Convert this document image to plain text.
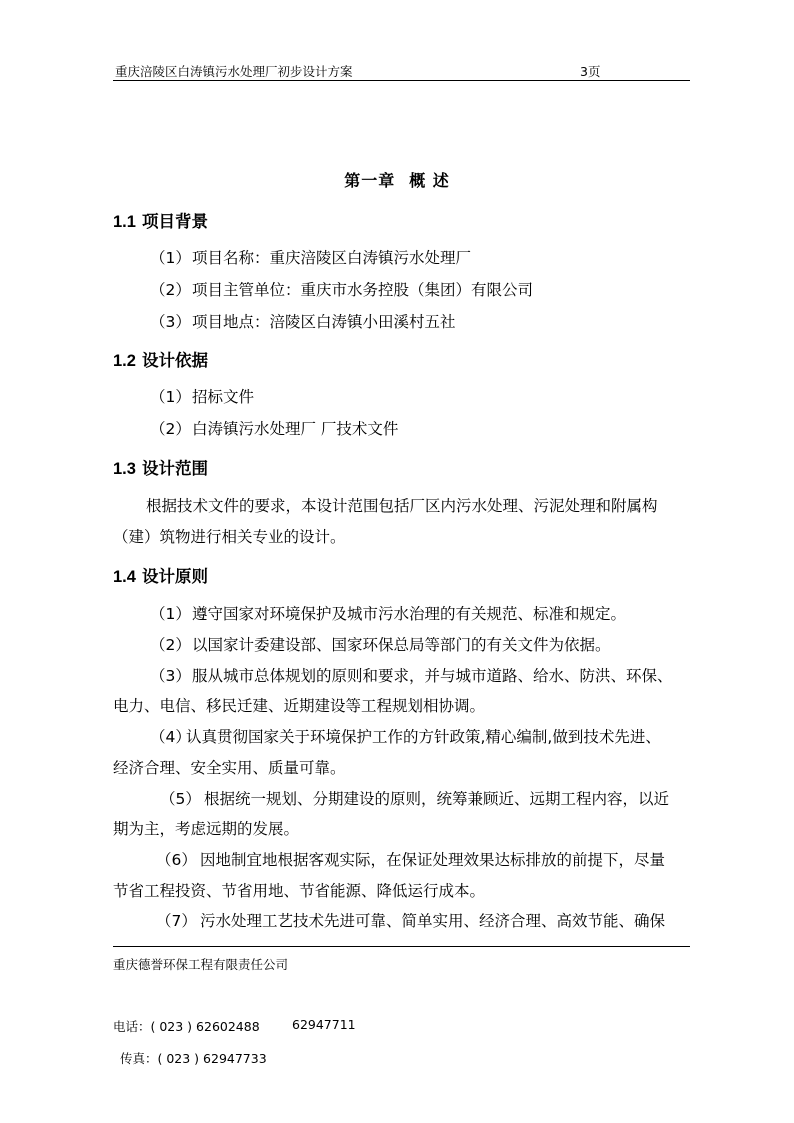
重庆涪陵区白涛镇污水处理厂初步设计方案	3页
第一章 概 述
1.1 项目背景
（1）项目名称：重庆涪陵区白涛镇污水处理厂
（2）项目主管单位：重庆市水务控股（集团）有限公司
（3）项目地点：涪陵区白涛镇小田溪村五社
1.2 设计依据
（1）招标文件
（2）白涛镇污水处理厂 厂技术文件
1.3 设计范围
根据技术文件的要求，本设计范围包括厂区内污水处理、污泥处理和附属构
（建）筑物进行相关专业的设计。
1.4 设计原则
（1）遵守国家对环境保护及城市污水治理的有关规范、标准和规定。
（2）以国家计委建设部、国家环保总局等部门的有关文件为依据。
（3）服从城市总体规划的原则和要求，并与城市道路、给水、防洪、环保、
电力、电信、移民迁建、近期建设等工程规划相协调。
（4）认真贯彻国家关于环境保护工作的方针政策,精心编制,做到技术先进、
经济合理、安全实用、质量可靠。
（5） 根据统一规划、分期建设的原则，统筹兼顾近、远期工程内容，以近
期为主，考虑远期的发展。
（6） 因地制宜地根据客观实际，在保证处理效果达标排放的前提下，尽量
节省工程投资、节省用地、节省能源、降低运行成本。
（7） 污水处理工艺技术先进可靠、简单实用、经济合理、高效节能、确保
重庆德誉环保工程有限责任公司
电话：( 023 ) 62602488	62947711
传真：( 023 ) 62947733
